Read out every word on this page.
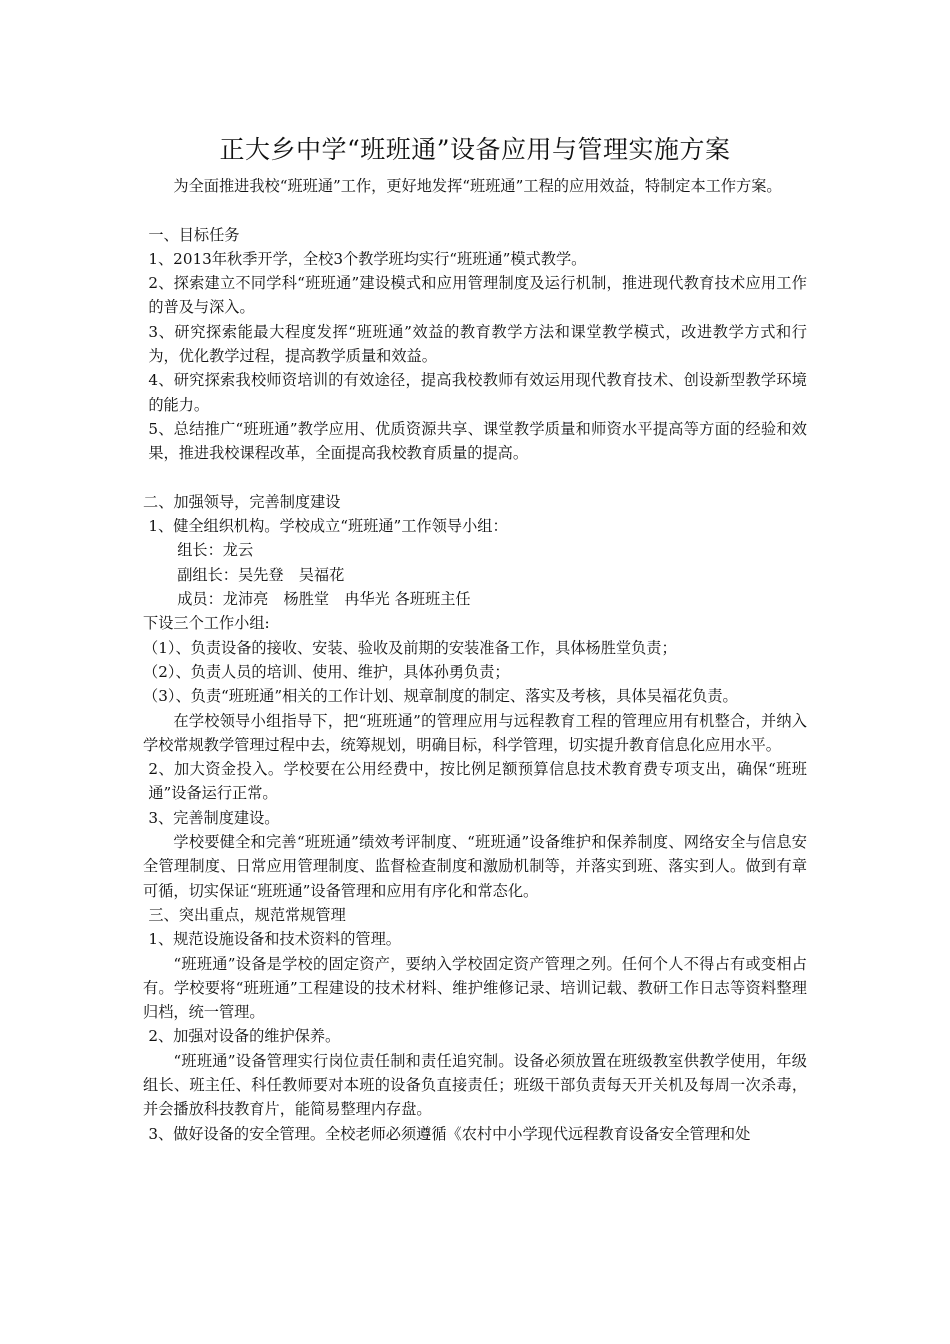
正大乡中学“班班通”设备应用与管理实施方案

为全面推进我校“班班通”工作，更好地发挥“班班通”工程的应用效益，特制定本工作方案。

一、目标任务

1、2013年秋季开学，全校3个教学班均实行“班班通”模式教学。

2、探索建立不同学科“班班通”建设模式和应用管理制度及运行机制，推进现代教育技术应用工作的普及与深入。

3、研究探索能最大程度发挥“班班通”效益的教育教学方法和课堂教学模式，改进教学方式和行为，优化教学过程，提高教学质量和效益。

4、研究探索我校师资培训的有效途径，提高我校教师有效运用现代教育技术、创设新型教学环境的能力。

5、总结推广“班班通”教学应用、优质资源共享、课堂教学质量和师资水平提高等方面的经验和效果，推进我校课程改革，全面提高我校教育质量的提高。

二、加强领导，完善制度建设

1、健全组织机构。学校成立“班班通”工作领导小组：

组长：龙云

副组长：吴先登　吴福花

成员：龙沛亮　杨胜堂　冉华光 各班班主任

下设三个工作小组:

（1）、负责设备的接收、安装、验收及前期的安装准备工作，具体杨胜堂负责；

（2）、负责人员的培训、使用、维护，具体孙勇负责；

（3）、负责“班班通”相关的工作计划、规章制度的制定、落实及考核，具体吴福花负责。

在学校领导小组指导下，把“班班通”的管理应用与远程教育工程的管理应用有机整合，并纳入学校常规教学管理过程中去，统筹规划，明确目标，科学管理，切实提升教育信息化应用水平。

2、加大资金投入。学校要在公用经费中，按比例足额预算信息技术教育费专项支出，确保“班班通”设备运行正常。

3、完善制度建设。

学校要健全和完善“班班通”绩效考评制度、“班班通”设备维护和保养制度、网络安全与信息安全管理制度、日常应用管理制度、监督检查制度和激励机制等，并落实到班、落实到人。做到有章可循，切实保证“班班通”设备管理和应用有序化和常态化。

三、突出重点，规范常规管理

1、规范设施设备和技术资料的管理。

“班班通”设备是学校的固定资产，要纳入学校固定资产管理之列。任何个人不得占有或变相占有。学校要将“班班通”工程建设的技术材料、维护维修记录、培训记载、教研工作日志等资料整理归档，统一管理。

2、加强对设备的维护保养。

“班班通”设备管理实行岗位责任制和责任追究制。设备必须放置在班级教室供教学使用，年级组长、班主任、科任教师要对本班的设备负直接责任；班级干部负责每天开关机及每周一次杀毒，并会播放科技教育片，能简易整理内存盘。

3、做好设备的安全管理。全校老师必须遵循《农村中小学现代远程教育设备安全管理和处
